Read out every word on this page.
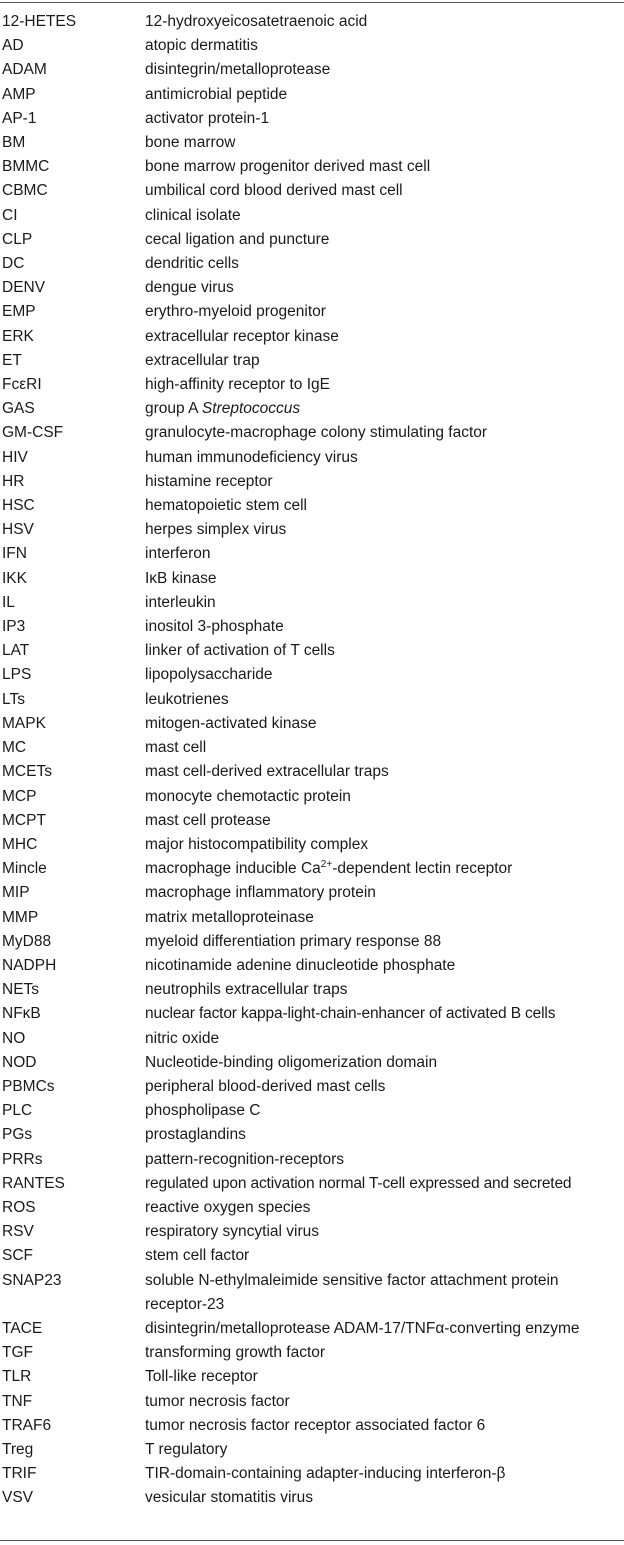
12-HETES	12-hydroxyeicosatetraenoic acid
AD	atopic dermatitis
ADAM	disintegrin/metalloprotease
AMP	antimicrobial peptide
AP-1	activator protein-1
BM	bone marrow
BMMC	bone marrow progenitor derived mast cell
CBMC	umbilical cord blood derived mast cell
CI	clinical isolate
CLP	cecal ligation and puncture
DC	dendritic cells
DENV	dengue virus
EMP	erythro-myeloid progenitor
ERK	extracellular receptor kinase
ET	extracellular trap
FcεRI	high-affinity receptor to IgE
GAS	group A Streptococcus
GM-CSF	granulocyte-macrophage colony stimulating factor
HIV	human immunodeficiency virus
HR	histamine receptor
HSC	hematopoietic stem cell
HSV	herpes simplex virus
IFN	interferon
IKK	IκB kinase
IL	interleukin
IP3	inositol 3-phosphate
LAT	linker of activation of T cells
LPS	lipopolysaccharide
LTs	leukotrienes
MAPK	mitogen-activated kinase
MC	mast cell
MCETs	mast cell-derived extracellular traps
MCP	monocyte chemotactic protein
MCPT	mast cell protease
MHC	major histocompatibility complex
Mincle	macrophage inducible $Ca^{2+}$-dependent lectin receptor
MIP	macrophage inflammatory protein
MMP	matrix metalloproteinase
MyD88	myeloid differentiation primary response 88
NADPH	nicotinamide adenine dinucleotide phosphate
NETs	neutrophils extracellular traps
NFκB	nuclear factor kappa-light-chain-enhancer of activated B cells
NO	nitric oxide
NOD	Nucleotide-binding oligomerization domain
PBMCs	peripheral blood-derived mast cells
PLC	phospholipase C
PGs	prostaglandins
PRRs	pattern-recognition-receptors
RANTES	regulated upon activation normal T-cell expressed and secreted
ROS	reactive oxygen species
RSV	respiratory syncytial virus
SCF	stem cell factor
SNAP23	soluble N-ethylmaleimide sensitive factor attachment protein receptor-23
TACE	disintegrin/metalloprotease ADAM-17/TNFα-converting enzyme
TGF	transforming growth factor
TLR	Toll-like receptor
TNF	tumor necrosis factor
TRAF6	tumor necrosis factor receptor associated factor 6
Treg	T regulatory
TRIF	TIR-domain-containing adapter-inducing interferon-β
VSV	vesicular stomatitis virus
